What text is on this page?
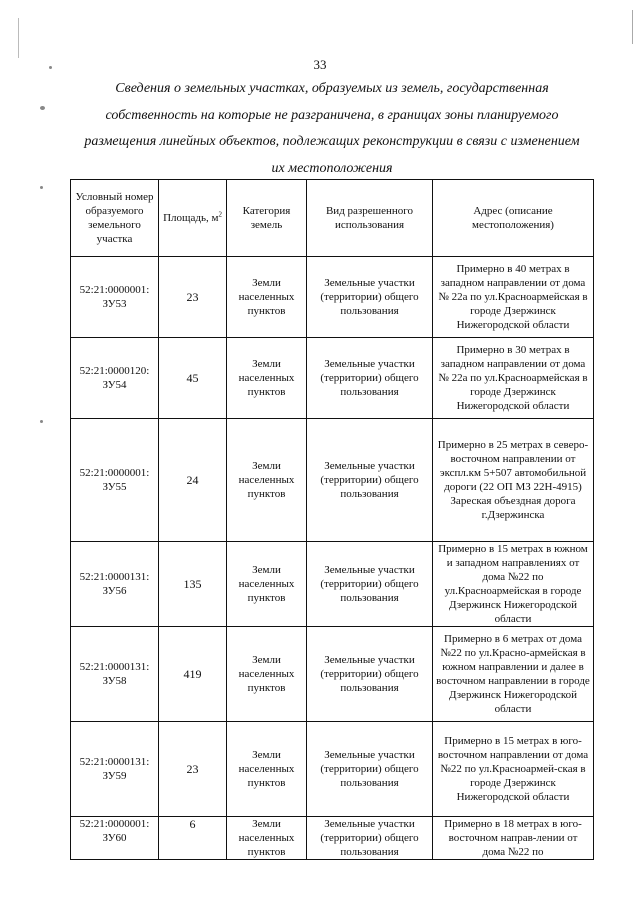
33
Сведения о земельных участках, образуемых из земель, государственная
собственность на которые не разграничена, в границах зоны планируемого
размещения линейных объектов, подлежащих реконструкции в связи с изменением
их местоположения
Условный номер образуемого земельного участка	Площадь, $м^2$	Категория земель	Вид разрешенного использования	Адрес (описание местоположения)

52:21:0000001:
ЗУ53	23	Земли населенных пунктов	Земельные участки (территории) общего пользования	Примерно в 40 метрах в западном направлении от дома № 22а по ул.Красноармейская в городе Дзержинск Нижегородской области

52:21:0000120:
ЗУ54	45	Земли населенных пунктов	Земельные участки (территории) общего пользования	Примерно в 30 метрах в западном направлении от дома № 22а по ул.Красноармейская в городе Дзержинск Нижегородской области

52:21:0000001:
ЗУ55	24	Земли населенных пунктов	Земельные участки (территории) общего пользования	Примерно в 25 метрах в северо-восточном направлении от экспл.км 5+507 автомобильной дороги (22 ОП МЗ 22Н-4915) Зареская объездная дорога г.Дзержинска

52:21:0000131:
ЗУ56	135	Земли населенных пунктов	Земельные участки (территории) общего пользования	Примерно в 15 метрах в южном и западном направлениях от дома №22 по ул.Красноармейская в городе Дзержинск Нижегородской области

52:21:0000131:
ЗУ58	419	Земли населенных пунктов	Земельные участки (территории) общего пользования	Примерно в 6 метрах от дома №22 по ул.Красно-армейская в южном направлении и далее в восточном направлении в городе Дзержинск Нижегородской области

52:21:0000131:
ЗУ59	23	Земли населенных пунктов	Земельные участки (территории) общего пользования	Примерно в 15 метрах в юго-восточном направлении от дома №22 по ул.Красноармей-ская в городе Дзержинск Нижегородской области

52:21:0000001:
ЗУ60	6	Земли населенных пунктов	Земельные участки (территории) общего пользования	Примерно в 18 метрах в юго-восточном направ-лении от дома №22 по
